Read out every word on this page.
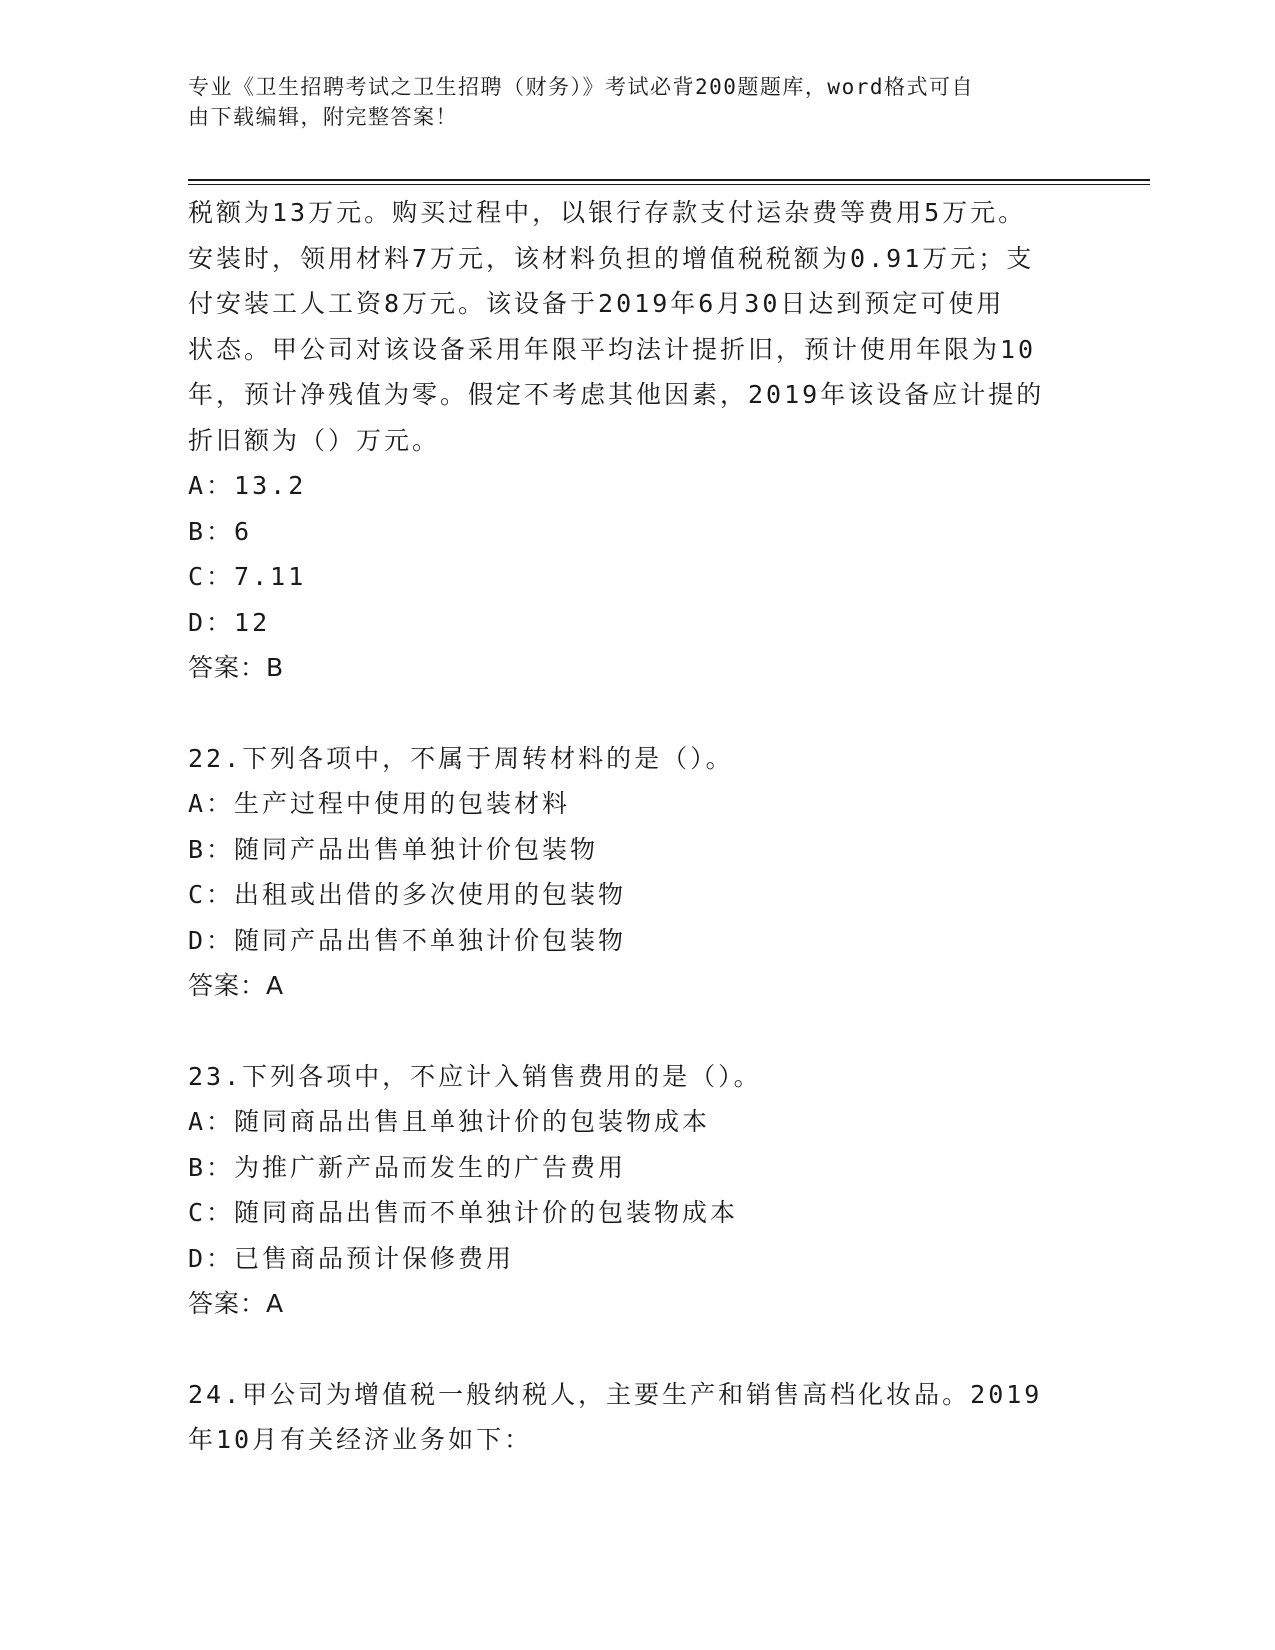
专业《卫生招聘考试之卫生招聘（财务）》考试必背200题题库，word格式可自
由下载编辑，附完整答案！
税额为13万元。购买过程中，以银行存款支付运杂费等费用5万元。
安装时，领用材料7万元，该材料负担的增值税税额为0.91万元；支
付安装工人工资8万元。该设备于2019年6月30日达到预定可使用
状态。甲公司对该设备采用年限平均法计提折旧，预计使用年限为10
年，预计净残值为零。假定不考虑其他因素，2019年该设备应计提的
折旧额为（）万元。
A：13.2
B：6
C：7.11
D：12
答案：B
22.下列各项中，不属于周转材料的是（）。
A：生产过程中使用的包装材料
B：随同产品出售单独计价包装物
C：出租或出借的多次使用的包装物
D：随同产品出售不单独计价包装物
答案：A
23.下列各项中，不应计入销售费用的是（）。
A：随同商品出售且单独计价的包装物成本
B：为推广新产品而发生的广告费用
C：随同商品出售而不单独计价的包装物成本
D：已售商品预计保修费用
答案：A
24.甲公司为增值税一般纳税人，主要生产和销售高档化妆品。2019
年10月有关经济业务如下：
